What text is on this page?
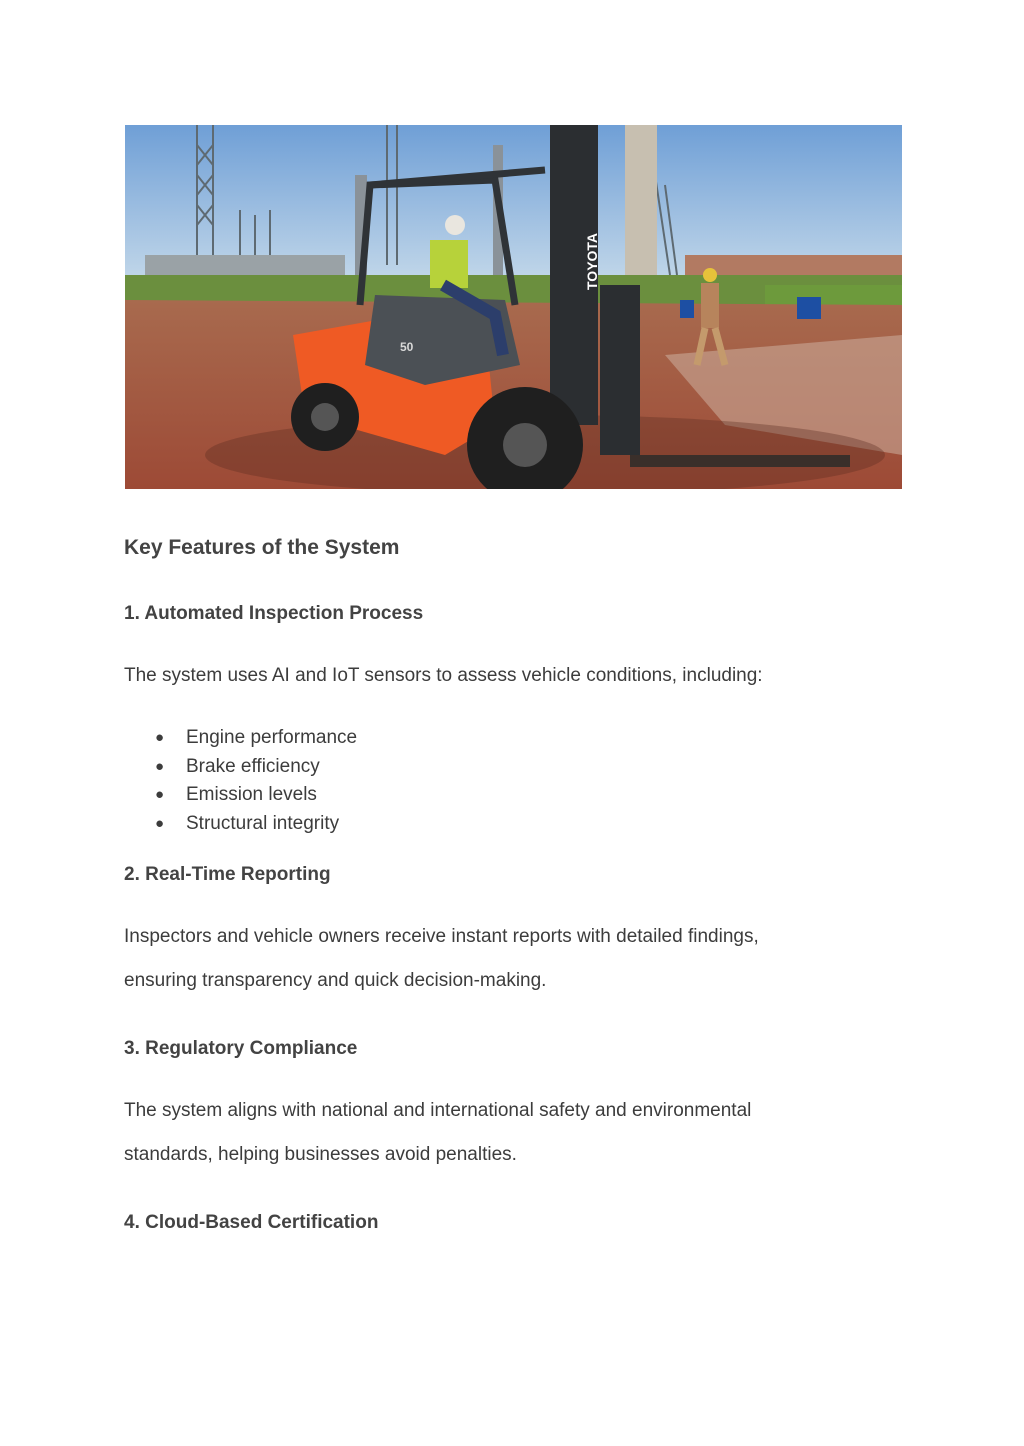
TOYOTA
50
Key Features of the System
1. Automated Inspection Process

The system uses AI and IoT sensors to assess vehicle conditions, including:

● Engine performance
● Brake efficiency
● Emission levels
● Structural integrity
2. Real-Time Reporting

Inspectors and vehicle owners receive instant reports with detailed findings,

ensuring transparency and quick decision-making.

3. Regulatory Compliance

The system aligns with national and international safety and environmental

standards, helping businesses avoid penalties.

4. Cloud-Based Certification
